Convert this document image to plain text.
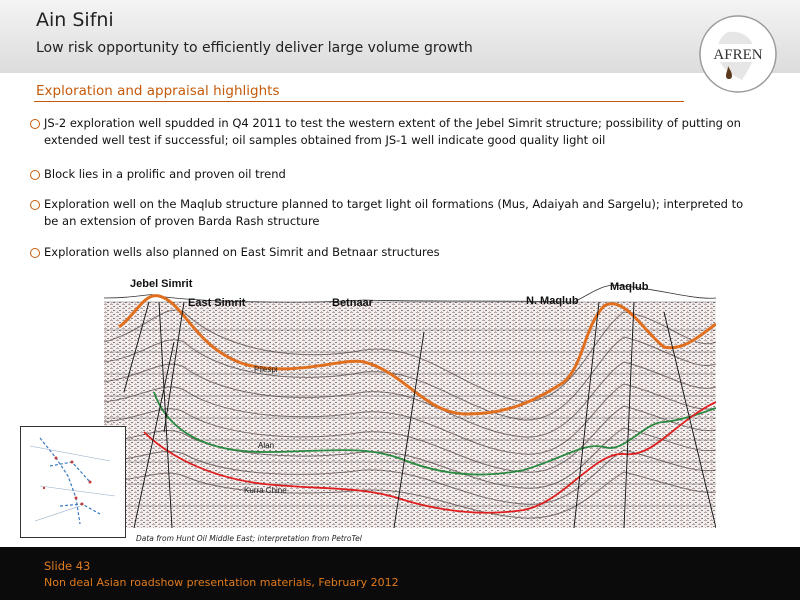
Ain Sifni
Low risk opportunity to efficiently deliver large volume growth	AFREN
Exploration and appraisal highlights
JS-2 exploration well spudded in Q4 2011 to test the western extent of the Jebel Simrit structure; possibility of putting on extended well test if successful; oil samples obtained from JS-1 well indicate good quality light oil
Block lies in a prolific and proven oil trend
Exploration well on the Maqlub structure planned to target light oil formations (Mus, Adaiyah and Sargelu); interpreted to be an extension of proven Barda Rash structure
Exploration wells also planned on East Simrit and Betnaar structures
Jebel Simrit
East Simrit	Betnaar	N. Maqlub
Maqlub
Pilespi
Alan
Kurra Chine
Data from Hunt Oil Middle East; interpretation from PetroTel
Slide 43
Non deal Asian roadshow presentation materials, February 2012
